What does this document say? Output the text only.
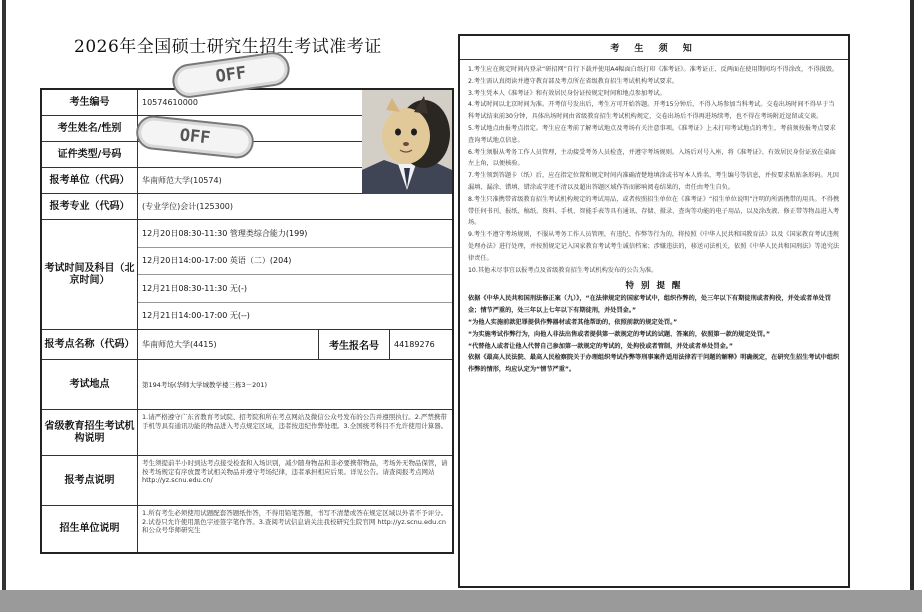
2026年全国硕士研究生招生考试准考证
考生编号	10574610000
考生姓名/性别
证件类型/号码
报考单位（代码）	华南师范大学(10574)
报考专业（代码）	(专业学位)会计(125300)
考试时间及科目（北京时间）
12月20日08:30-11:30 管理类综合能力(199)
12月20日14:00-17:00 英语（二）(204)
12月21日08:30-11:30 无(-)
12月21日14:00-17:00 无(--)
报考点名称（代码） 华南师范大学(4415)	考生报名号	44189276
考试地点	第194考场(华师大学城教学楼三栋3－201)
省级教育招生考试机构说明
1.请严格遵守广东省教育考试院、招考院和所在考点网站及微信公众号发布的公告并遵照执行。2.严禁携带手机等具有通讯功能的物品进入考点规定区域，违者按违纪作弊处理。3.全国统考科目不允许使用计算器。
报考点说明
考生须提前半小时到达考点接受检查和入场识别，减少随身物品和非必要携带物品，考场外无物品保管，请按考场规定有序放置考试相关物品并遵守考场纪律，违者承担相应后果。详见公告。请查阅报考点网站 http://yz.scnu.edu.cn/
招生单位说明
1.所有考生必须使用试题配套答题纸作答，不得用铅笔答题，书写不清楚或答在规定区域以外者不予评分。2.试卷只允许使用黑色字迹签字笔作答。3.查阅考试信息请关注我校研究生院官网 http://yz.scnu.edu.cn 和公众号华师研究生
OFF
OFF
考 生 须 知

1.考生应在规定时间内登录“研招网”自行下载并使用A4幅面白纸打印《准考证》。准考证正、反两面在使用期间均不得涂改，不得损毁。

2.考生需认真阅读并遵守教育部及考点所在省级教育招生考试机构考试要求。

3.考生凭本人《准考证》和有效居民身份证按规定时间和地点参加考试。

4.考试时间以北京时间为准。开考信号发出后，考生方可开始答题。开考15分钟后，不得入场参加当科考试。交卷出场时间不得早于当科考试结束前30分钟，具体出场时间由省级教育招生考试机构规定，交卷出场后不得再进场续考，也不得在考场附近逗留或交谈。

5.考试地点由报考点指定。考生应在考前了解考试地点及考场有关注意事项。《准考证》上未打印考试地点的考生，考前须按报考点要求查询考试地点信息。

6.考生须服从考务工作人员管理，主动接受考务人员检查，并遵守考场规则。入场后对号入座，将《准考证》、有效居民身份证放在桌面左上角，以便核验。

7.考生领到答题卡（纸）后，应在指定位置和规定时间内准确清楚地填涂或书写本人姓名、考生编号等信息，并按要求粘贴条形码。凡因漏填、漏涂、错填、错涂或字迹不清以及超出答题区域作答而影响阅卷结果的，责任由考生自负。

8.考生只准携带省级教育招生考试机构规定的考试用品，或者按照招生单位在《准考证》“招生单位说明”注明的所需携带的用具。不得携带任何书刊、报纸、稿纸、资料、手机、智能手表等具有通讯、存储、摄录、查询等功能的电子用品，以及涂改液、修正带等物品进入考场。

9.考生不遵守考场规则，不服从考务工作人员管理，有违纪、作弊等行为的，将按照《中华人民共和国教育法》以及《国家教育考试违规处理办法》进行处理，并按照规定记入国家教育考试考生诚信档案；涉嫌违法的，移送司法机关，依照《中华人民共和国刑法》等追究法律责任。

10.其他未尽事宜以报考点及省级教育招生考试机构发布的公告为准。

特 别 提 醒

依据《中华人民共和国刑法修正案（九）》，“在法律规定的国家考试中，组织作弊的，处三年以下有期徒刑或者拘役，并处或者单处罚金；情节严重的，处三年以上七年以下有期徒刑，并处罚金。”

“为他人实施前款犯罪提供作弊器材或者其他帮助的，依照前款的规定处罚。”

“为实施考试作弊行为，向他人非法出售或者提供第一款规定的考试的试题、答案的，依照第一款的规定处罚。”

“代替他人或者让他人代替自己参加第一款规定的考试的，处拘役或者管制，并处或者单处罚金。”

依据《最高人民法院、最高人民检察院关于办理组织考试作弊等刑事案件适用法律若干问题的解释》明确规定，在研究生招生考试中组织作弊的情形，均应认定为“情节严重”。
